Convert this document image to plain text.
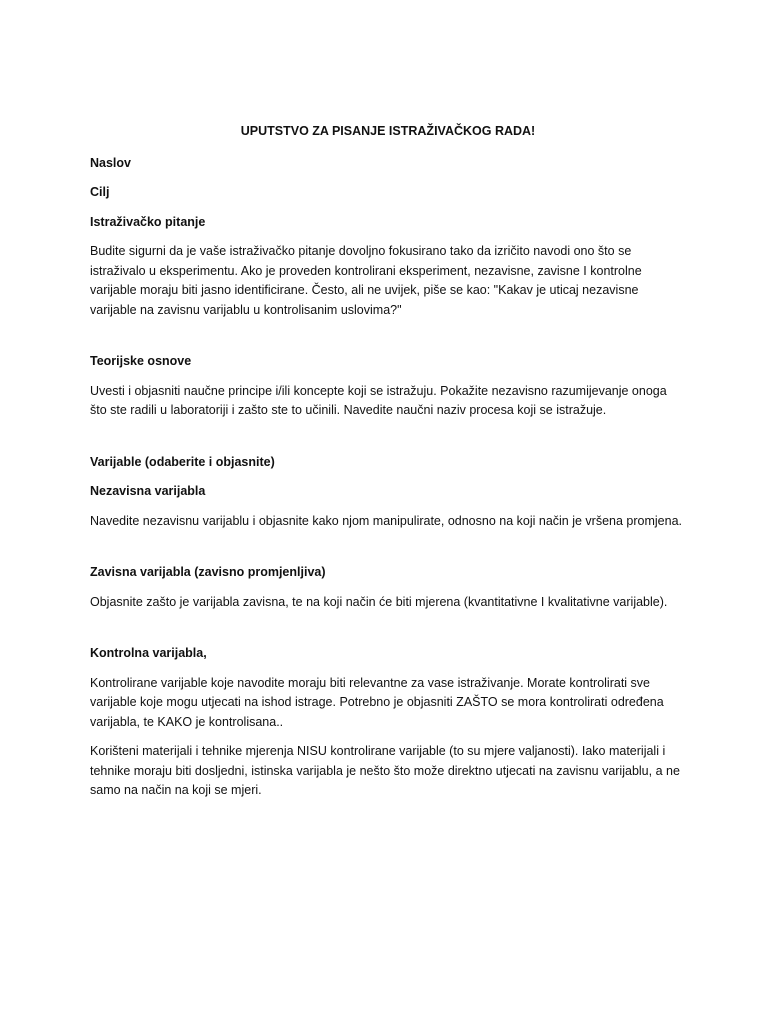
UPUTSTVO ZA PISANJE ISTRAŽIVAČKOG RADA!
Naslov
Cilj
Istraživačko pitanje
Budite sigurni da je vaše istraživačko pitanje dovoljno fokusirano tako da izričito navodi ono što se istraživalo u eksperimentu. Ako je proveden kontrolirani eksperiment, nezavisne, zavisne I kontrolne varijable moraju biti jasno identificirane. Često, ali ne uvijek, piše se kao: "Kakav je uticaj nezavisne varijable na zavisnu varijablu u kontrolisanim uslovima?"
Teorijske osnove
Uvesti i objasniti naučne principe i/ili koncepte koji se istražuju. Pokažite nezavisno razumijevanje onoga što ste radili u laboratoriji i zašto ste to učinili. Navedite naučni naziv procesa koji se istražuje.
Varijable (odaberite i objasnite)
Nezavisna varijabla
Navedite nezavisnu varijablu i objasnite kako njom manipulirate, odnosno na koji način je vršena promjena.
Zavisna varijabla (zavisno promjenljiva)
Objasnite zašto je varijabla zavisna, te na koji način će biti mjerena (kvantitativne I kvalitativne varijable).
Kontrolna varijabla,
Kontrolirane varijable koje navodite moraju biti relevantne za vase istraživanje. Morate kontrolirati sve varijable koje mogu utjecati na ishod istrage. Potrebno je objasniti ZAŠTO se mora kontrolirati određena varijabla, te KAKO je kontrolisana..
Korišteni materijali i tehnike mjerenja NISU kontrolirane varijable (to su mjere valjanosti). Iako materijali i tehnike moraju biti dosljedni, istinska varijabla je nešto što može direktno utjecati na zavisnu varijablu, a ne samo na način na koji se mjeri.
